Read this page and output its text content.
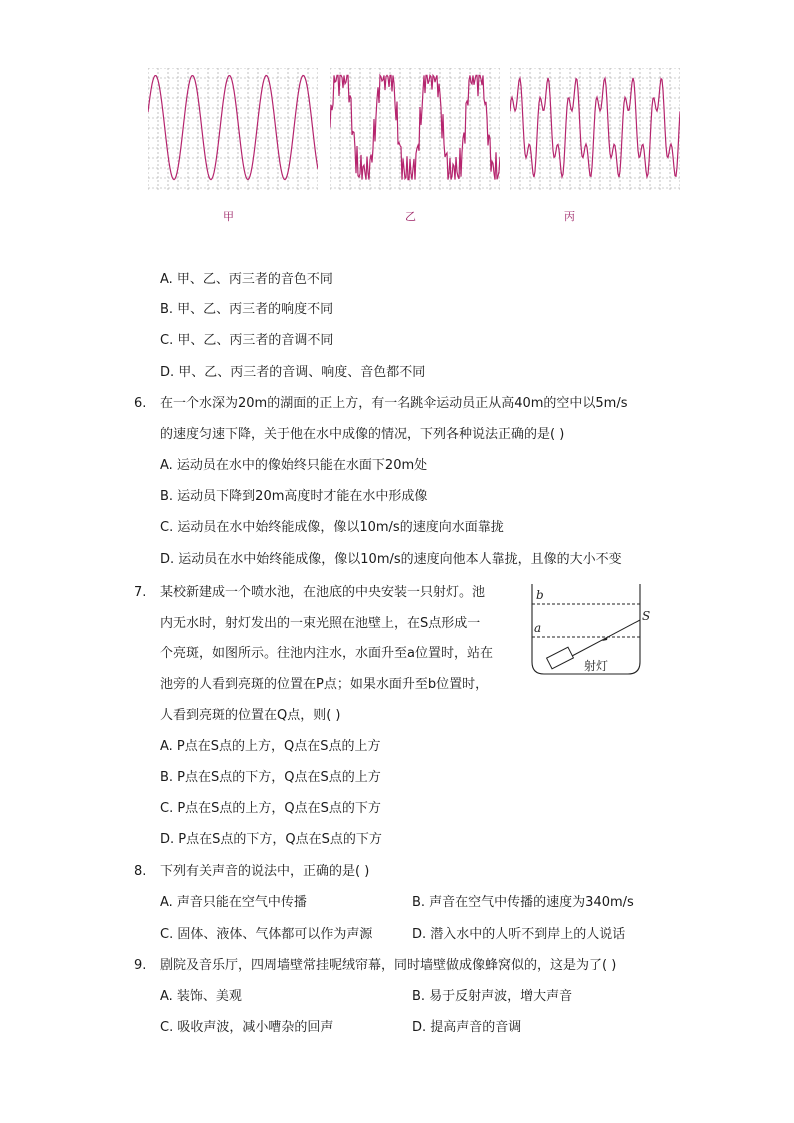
甲	乙	丙
A. 甲、乙、丙三者的音色不同
B. 甲、乙、丙三者的响度不同
C. 甲、乙、丙三者的音调不同
D. 甲、乙、丙三者的音调、响度、音色都不同
6. 在一个水深为20m的湖面的正上方，有一名跳伞运动员正从高40m的空中以5m/s
的速度匀速下降，关于他在水中成像的情况，下列各种说法正确的是( )
A. 运动员在水中的像始终只能在水面下20m处
B. 运动员下降到20m高度时才能在水中形成像
C. 运动员在水中始终能成像，像以10m/s的速度向水面靠拢
D. 运动员在水中始终能成像，像以10m/s的速度向他本人靠拢，且像的大小不变
7. 某校新建成一个喷水池，在池底的中央安装一只射灯。池
内无水时，射灯发出的一束光照在池壁上，在S点形成一
个亮斑，如图所示。往池内注水，水面升至a位置时，站在
池旁的人看到亮斑的位置在P点；如果水面升至b位置时，
人看到亮斑的位置在Q点，则( )
A. P点在S点的上方，Q点在S点的上方
B. P点在S点的下方，Q点在S点的上方
C. P点在S点的上方，Q点在S点的下方
D. P点在S点的下方，Q点在S点的下方
b
a
S
射灯
8. 下列有关声音的说法中，正确的是( )
A. 声音只能在空气中传播	B. 声音在空气中传播的速度为340m/s
C. 固体、液体、气体都可以作为声源	D. 潜入水中的人听不到岸上的人说话
9. 剧院及音乐厅，四周墙壁常挂呢绒帘幕，同时墙壁做成像蜂窝似的，这是为了( )
A. 装饰、美观	B. 易于反射声波，增大声音
C. 吸收声波，减小嘈杂的回声	D. 提高声音的音调
